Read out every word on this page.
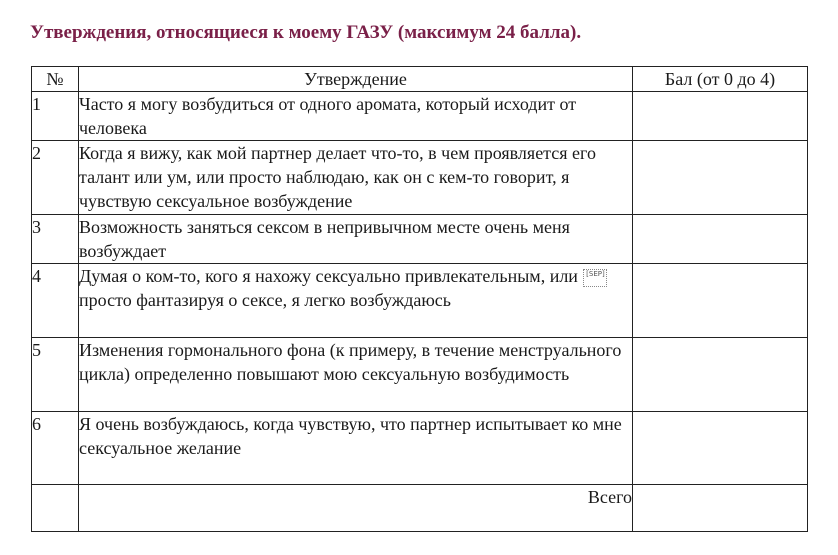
Утверждения, относящиеся к моему ГАЗУ (максимум 24 балла).
№	Утверждение	Бал (от 0 до 4)
1	Часто я могу возбудиться от одного аромата, который исходит от человека	
2	Когда я вижу, как мой партнер делает что-то, в чем проявляется его талант или ум, или просто наблюдаю, как он с кем-то говорит, я чувствую сексуальное возбуждение	
3	Возможность заняться сексом в непривычном месте очень меня возбуждает	
4	Думая о ком-то, кого я нахожу сексуально привлекательным, или [SEP]просто фантазируя о сексе, я легко возбуждаюсь	
5	Изменения гормонального фона (к примеру, в течение менструального цикла) определенно повышают мою сексуальную возбудимость	
6	Я очень возбуждаюсь, когда чувствую, что партнер испытывает ко мне сексуальное желание	
	Всего	
